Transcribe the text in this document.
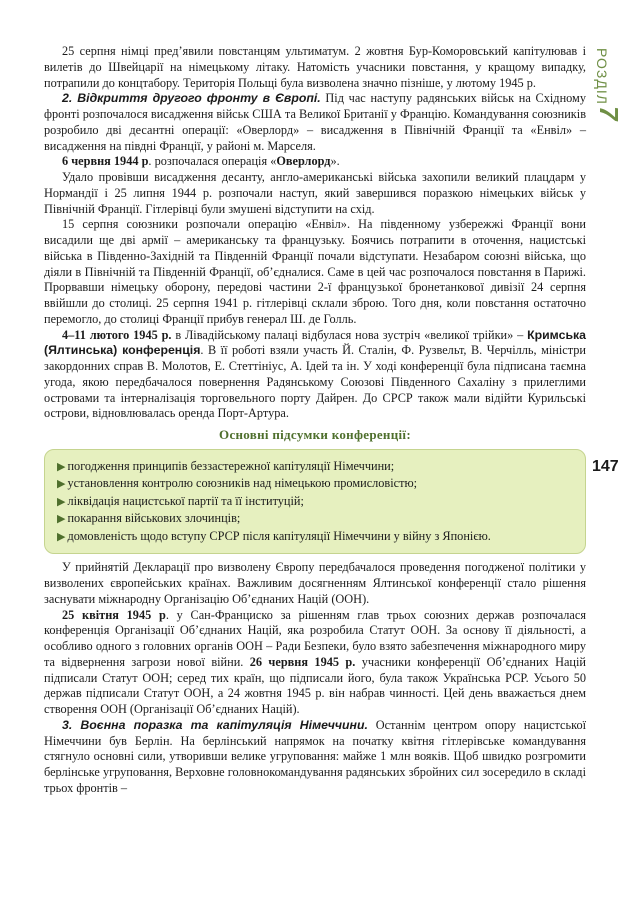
РОЗДІЛ
7
147

25 серпня німці пред’явили повстанцям ультиматум. 2 жовтня Бур-Коморовський капітулював і вилетів до Швейцарії на німецькому літаку. Натомість учасники повстання, у кращому випадку, потрапили до концтабору. Територія Польщі була визволена значно пізніше, у лютому 1945 р.

2. Відкриття другого фронту в Європі. Під час наступу радянських військ на Східному фронті розпочалося висадження військ США та Великої Британії у Францію. Командування союзників розробило дві десантні операції: «Оверлорд» – висадження в Північній Франції та «Енвіл» – висадження на півдні Франції, у районі м. Марселя.

6 червня 1944 р. розпочалася операція «Оверлорд».

Удало провівши висадження десанту, англо-американські війська захопили великий плацдарм у Нормандії і 25 липня 1944 р. розпочали наступ, який завершився поразкою німецьких військ у Північній Франції. Гітлерівці були змушені відступити на схід.

15 серпня союзники розпочали операцію «Енвіл». На південному узбережжі Франції вони висадили ще дві армії – американську та французьку. Боячись потрапити в оточення, нацистські війська в Південно-Західній та Південній Франції почали відступати. Незабаром союзні війська, що діяли в Північній та Південній Франції, об’єдналися. Саме в цей час розпочалося повстання в Парижі. Прорвавши німецьку оборону, передові частини 2-ї французької бронетанкової дивізії 24 серпня ввійшли до столиці. 25 серпня 1941 р. гітлерівці склали зброю. Того дня, коли повстання остаточно перемогло, до столиці Франції прибув генерал Ш. де Голль.

4–11 лютого 1945 р. в Лівадійському палаці відбулася нова зустріч «великої трійки» – Кримська (Ялтинська) конференція. В її роботі взяли участь Й. Сталін, Ф. Рузвельт, В. Черчілль, міністри закордонних справ В. Молотов, Е. Стеттініус, А. Ідей та ін. У ході конференції була підписана таємна угода, якою передбачалося повернення Радянському Союзові Південного Сахаліну з прилеглими островами та інтерналізація торговельного порту Дайрен. До СРСР також мали відійти Курильські острови, відновлювалась оренда Порт-Артура.

Основні підсумки конференції:
▶ погодження принципів беззастережної капітуляції Німеччини;
▶ установлення контролю союзників над німецькою промисловістю;
▶ ліквідація нацистської партії та її інституцій;
▶ покарання військових злочинців;
▶ домовленість щодо вступу СРСР після капітуляції Німеччини у війну з Японією.

У прийнятій Декларації про визволену Європу передбачалося проведення погодженої політики у визволених європейських країнах. Важливим досягненням Ялтинської конференції стало рішення заснувати міжнародну Організацію Об’єднаних Націй (ООН).

25 квітня 1945 р. у Сан-Франциско за рішенням глав трьох союзних держав розпочалася конференція Організації Об’єднаних Націй, яка розробила Статут ООН. За основу її діяльності, а особливо одного з головних органів ООН – Ради Безпеки, було взято забезпечення міжнародного миру та відвернення загрози нової війни. 26 червня 1945 р. учасники конференції Об’єднаних Націй підписали Статут ООН; серед тих країн, що підписали його, була також Українська РСР. Усього 50 держав підписали Статут ООН, а 24 жовтня 1945 р. він набрав чинності. Цей день вважається днем створення ООН (Організації Об’єднаних Націй).

3. Воєнна поразка та капітуляція Німеччини. Останнім центром опору нацистської Німеччини був Берлін. На берлінський напрямок на початку квітня гітлерівське командування стягнуло основні сили, утворивши велике угруповання: майже 1 млн вояків. Щоб швидко розгромити берлінське угруповання, Верховне головнокомандування радянських збройних сил зосередило в складі трьох фронтів –
